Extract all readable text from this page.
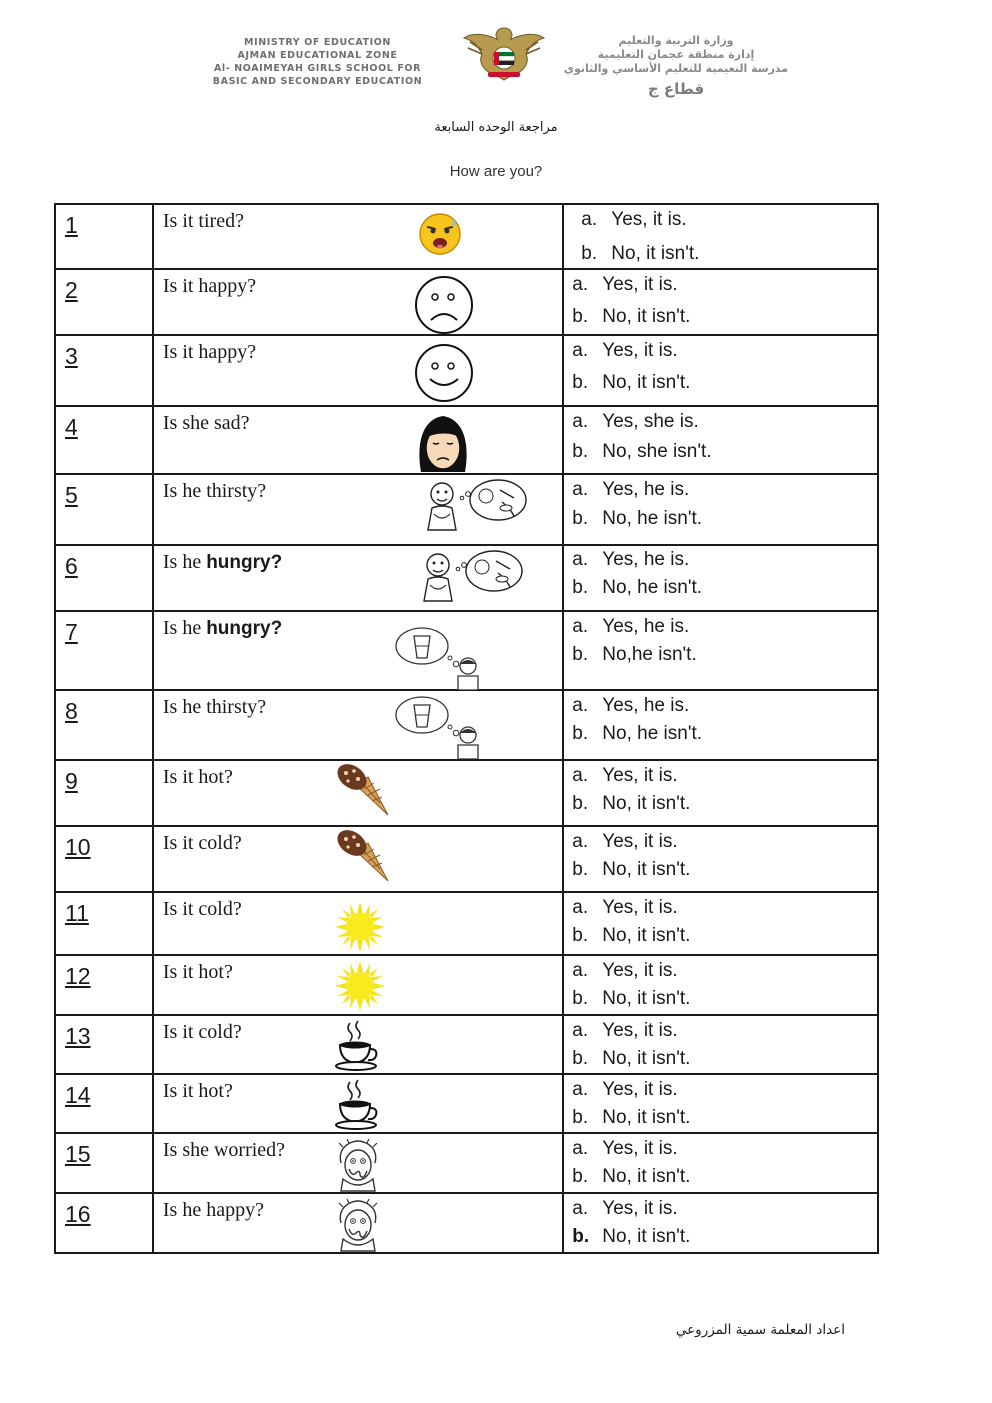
MINISTRY OF EDUCATION
AJMAN EDUCATIONAL ZONE
Al- NOAIMEYAH GIRLS SCHOOL FOR
BASIC AND SECONDARY EDUCATION
وزارة التربية والتعليم
إدارة منطقة عجمان التعليمية
مدرسة النعيمية للتعليم الأساسي والثانوي
قطاع ج
مراجعة الوحده السابعة
How are you?
1	Is it tired?	a. Yes, it is.
b. No, it isn't.

2	Is it happy?	a. Yes, it is.
b. No, it isn't.

3	Is it happy?	a. Yes, it is.
b. No, it isn't.

4	Is she sad?	a. Yes, she is.
b. No, she isn't.

5	Is he thirsty?	a. Yes, he is.
b. No, he isn't.

6	Is he hungry?	a. Yes, he is.
b. No, he isn't.

7	Is he hungry?	a. Yes, he is.
b. No,he isn't.

8	Is he thirsty?	a. Yes, he is.
b. No, he isn't.

9	Is it hot?	a. Yes, it is.
b. No, it isn't.

10	Is it cold?	a. Yes, it is.
b. No, it isn't.

11	Is it cold?	a. Yes, it is.
b. No, it isn't.

12	Is it hot?	a. Yes, it is.
b. No, it isn't.

13	Is it cold?	a. Yes, it is.
b. No, it isn't.

14	Is it hot?	a. Yes, it is.
b. No, it isn't.

15	Is she worried?	a. Yes, it is.
b. No, it isn't.

16	Is he happy?	a. Yes, it is.
b. No, it isn't.
اعداد المعلمة سمية المزروعي
